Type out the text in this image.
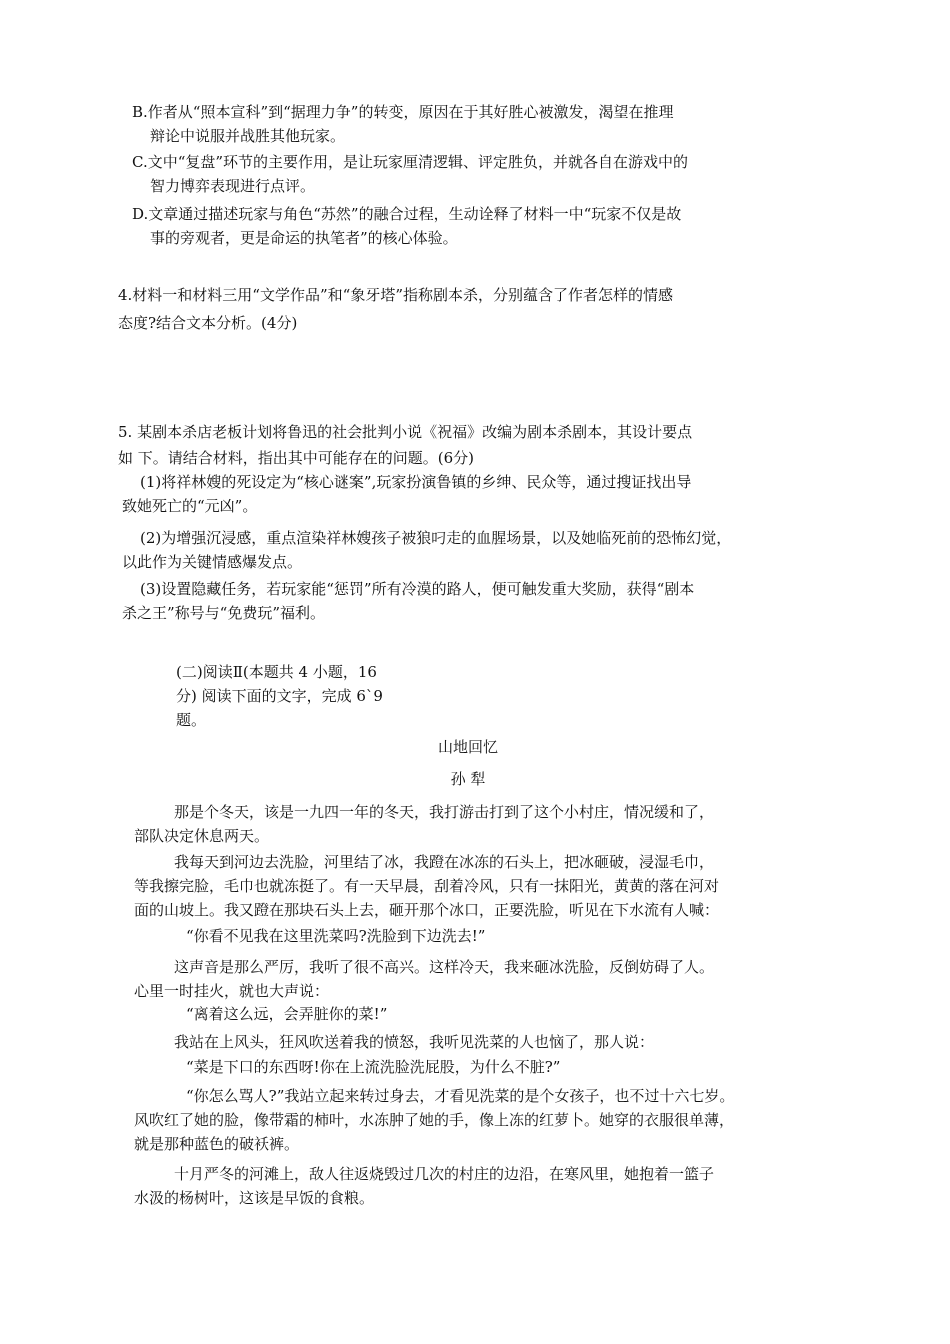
B.作者从“照本宣科”到“据理力争”的转变，原因在于其好胜心被激发，渴望在推理
辩论中说服并战胜其他玩家。
C.文中“复盘”环节的主要作用，是让玩家厘清逻辑、评定胜负，并就各自在游戏中的
智力博弈表现进行点评。
D.文章通过描述玩家与角色“苏然”的融合过程，生动诠释了材料一中“玩家不仅是故
事的旁观者，更是命运的执笔者”的核心体验。
4.材料一和材料三用“文学作品”和“象牙塔”指称剧本杀，分别蕴含了作者怎样的情感
态度?结合文本分析。(4分)
5. 某剧本杀店老板计划将鲁迅的社会批判小说《祝福》改编为剧本杀剧本，其设计要点
如 下。请结合材料，指出其中可能存在的问题。(6分)
(1)将祥林嫂的死设定为“核心谜案”,玩家扮演鲁镇的乡绅、民众等，通过搜证找出导
致她死亡的“元凶”。
(2)为增强沉浸感，重点渲染祥林嫂孩子被狼叼走的血腥场景，以及她临死前的恐怖幻觉，
以此作为关键情感爆发点。
(3)设置隐藏任务，若玩家能“惩罚”所有冷漠的路人，便可触发重大奖励，获得“剧本
杀之王”称号与“免费玩”福利。
(二)阅读Ⅱ(本题共 4 小题，16
分) 阅读下面的文字，完成 6`9
题。
山地回忆
孙 犁
那是个冬天，该是一九四一年的冬天，我打游击打到了这个小村庄，情况缓和了，
部队决定休息两天。
我每天到河边去洗脸，河里结了冰，我蹬在冰冻的石头上，把冰砸破，浸湿毛巾，
等我擦完脸，毛巾也就冻挺了。有一天早晨，刮着冷风，只有一抹阳光，黄黄的落在河对
面的山坡上。我又蹬在那块石头上去，砸开那个冰口，正要洗脸，听见在下水流有人喊：
“你看不见我在这里洗菜吗?洗脸到下边洗去!”
这声音是那么严厉，我听了很不高兴。这样冷天，我来砸冰洗脸，反倒妨碍了人。
心里一时挂火，就也大声说：
“离着这么远，会弄脏你的菜!”
我站在上风头，狂风吹送着我的愤怒，我听见洗菜的人也恼了，那人说：
“菜是下口的东西呀!你在上流洗脸洗屁股，为什么不脏?”
“你怎么骂人?”我站立起来转过身去，才看见洗菜的是个女孩子，也不过十六七岁。
风吹红了她的脸，像带霜的柿叶，水冻肿了她的手，像上冻的红萝卜。她穿的衣服很单薄，
就是那种蓝色的破袄裤。
十月严冬的河滩上，敌人往返烧毁过几次的村庄的边沿，在寒风里，她抱着一篮子
水汲的杨树叶，这该是早饭的食粮。
